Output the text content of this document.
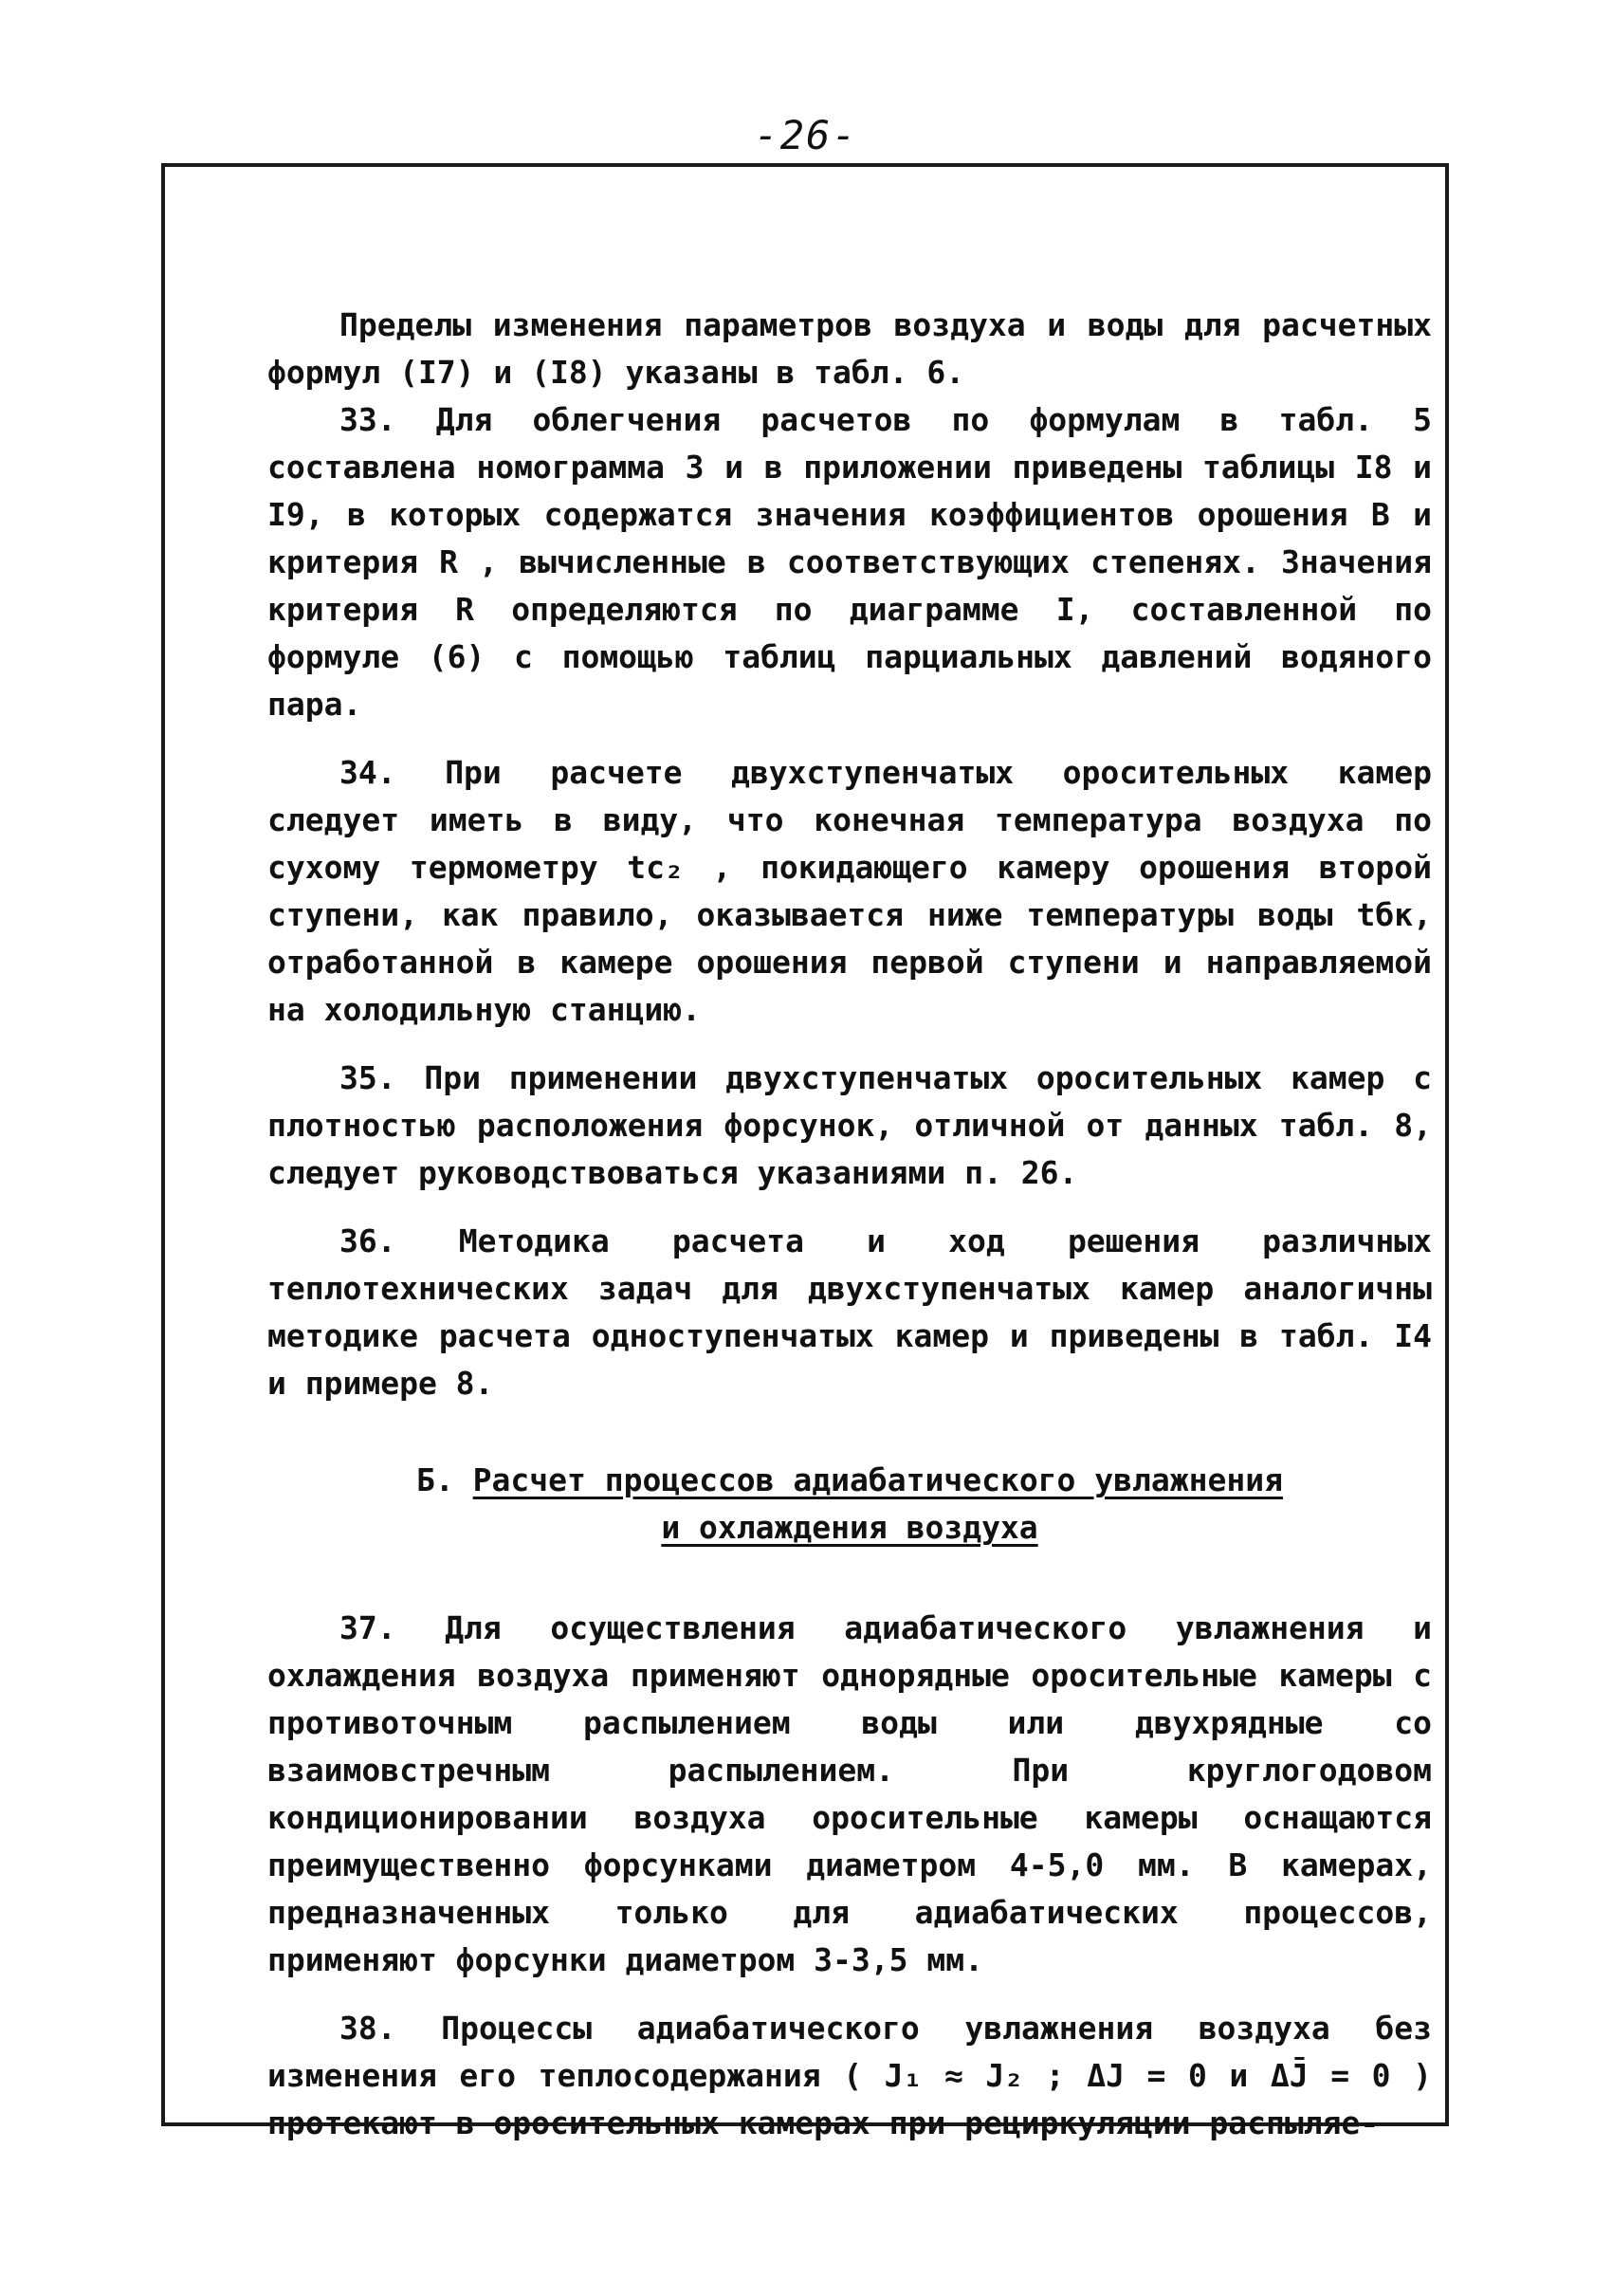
-26-

Пределы изменения параметров воздуха и воды для расчетных формул (I7) и (I8) указаны в табл. 6.

33. Для облегчения расчетов по формулам в табл. 5 составлена номограмма 3 и в приложении приведены таблицы I8 и I9, в которых содержатся значения коэффициентов орошения B и критерия R , вычисленные в соответствующих степенях. Значения критерия R определяются по диаграмме I, составленной по формуле (6) с помощью таблиц парциальных давлений водяного пара.

34. При расчете двухступенчатых оросительных камер следует иметь в виду, что конечная температура воздуха по сухому термометру tc₂ , покидающего камеру орошения второй ступени, как правило, оказывается ниже температуры воды tбк, отработанной в камере орошения первой ступени и направляемой на холодильную станцию.

35. При применении двухступенчатых оросительных камер с плотностью расположения форсунок, отличной от данных табл. 8, следует руководствоваться указаниями п. 26.

36. Методика расчета и ход решения различных теплотехнических задач для двухступенчатых камер аналогичны методике расчета одноступенчатых камер и приведены в табл. I4 и примере 8.

Б. Расчет процессов адиабатического увлажнения
и охлаждения воздуха

37. Для осуществления адиабатического увлажнения и охлаждения воздуха применяют однорядные оросительные камеры с противоточным распылением воды или двухрядные со взаимовстречным распылением. При круглогодовом кондиционировании воздуха оросительные камеры оснащаются преимущественно форсунками диаметром 4-5,0 мм. В камерах, предназначенных только для адиабатических процессов, применяют форсунки диаметром 3-3,5 мм.

38. Процессы адиабатического увлажнения воздуха без изменения его теплосодержания ( J₁ ≈ J₂ ; ΔJ = 0 и ΔJ̄ = 0 ) протекают в оросительных камерах при рециркуляции распыляе-
